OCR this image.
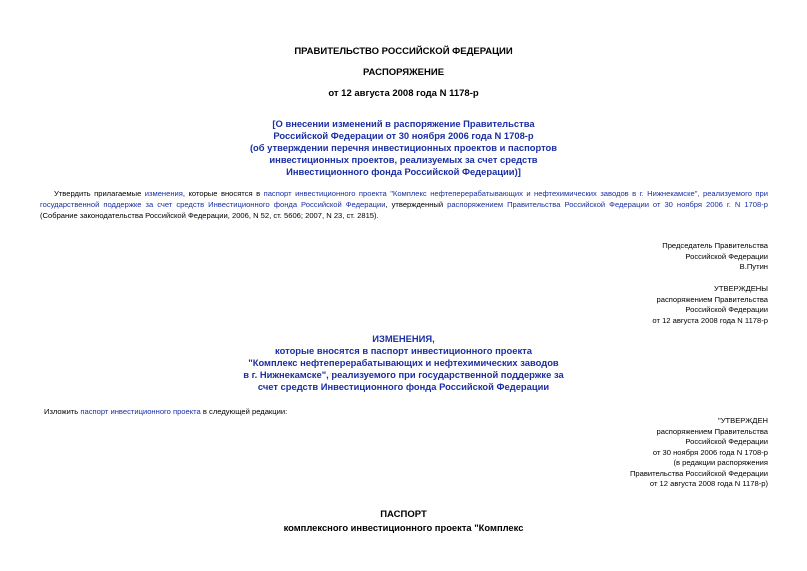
ПРАВИТЕЛЬСТВО РОССИЙСКОЙ ФЕДЕРАЦИИ
РАСПОРЯЖЕНИЕ
от 12 августа 2008 года N 1178-р
[О внесении изменений в распоряжение Правительства
Российской Федерации от 30 ноября 2006 года N 1708-р
(об утверждении перечня инвестиционных проектов и паспортов
инвестиционных проектов, реализуемых за счет средств
Инвестиционного фонда Российской Федерации)]
Утвердить прилагаемые изменения, которые вносятся в паспорт инвестиционного проекта "Комплекс нефтеперерабатывающих и нефтехимических заводов в г. Нижнекамске", реализуемого при государственной поддержке за счет средств Инвестиционного фонда Российской Федерации, утвержденный распоряжением Правительства Российской Федерации от 30 ноября 2006 г. N 1708-р (Собрание законодательства Российской Федерации, 2006, N 52, ст. 5606; 2007, N 23, ст. 2815).
Председатель Правительства
Российской Федерации
В.Путин
УТВЕРЖДЕНЫ
распоряжением Правительства
Российской Федерации
от 12 августа 2008 года N 1178-р
ИЗМЕНЕНИЯ,
которые вносятся в паспорт инвестиционного проекта
"Комплекс нефтеперерабатывающих и нефтехимических заводов
в г. Нижнекамске", реализуемого при государственной поддержке за
счет средств Инвестиционного фонда Российской Федерации
Изложить паспорт инвестиционного проекта в следующей редакции:
"УТВЕРЖДЕН
распоряжением Правительства
Российской Федерации
от 30 ноября 2006 года N 1708-р
(в редакции распоряжения
Правительства Российской Федерации
от 12 августа 2008 года N 1178-р)
ПАСПОРТ
комплексного инвестиционного проекта "Комплекс
